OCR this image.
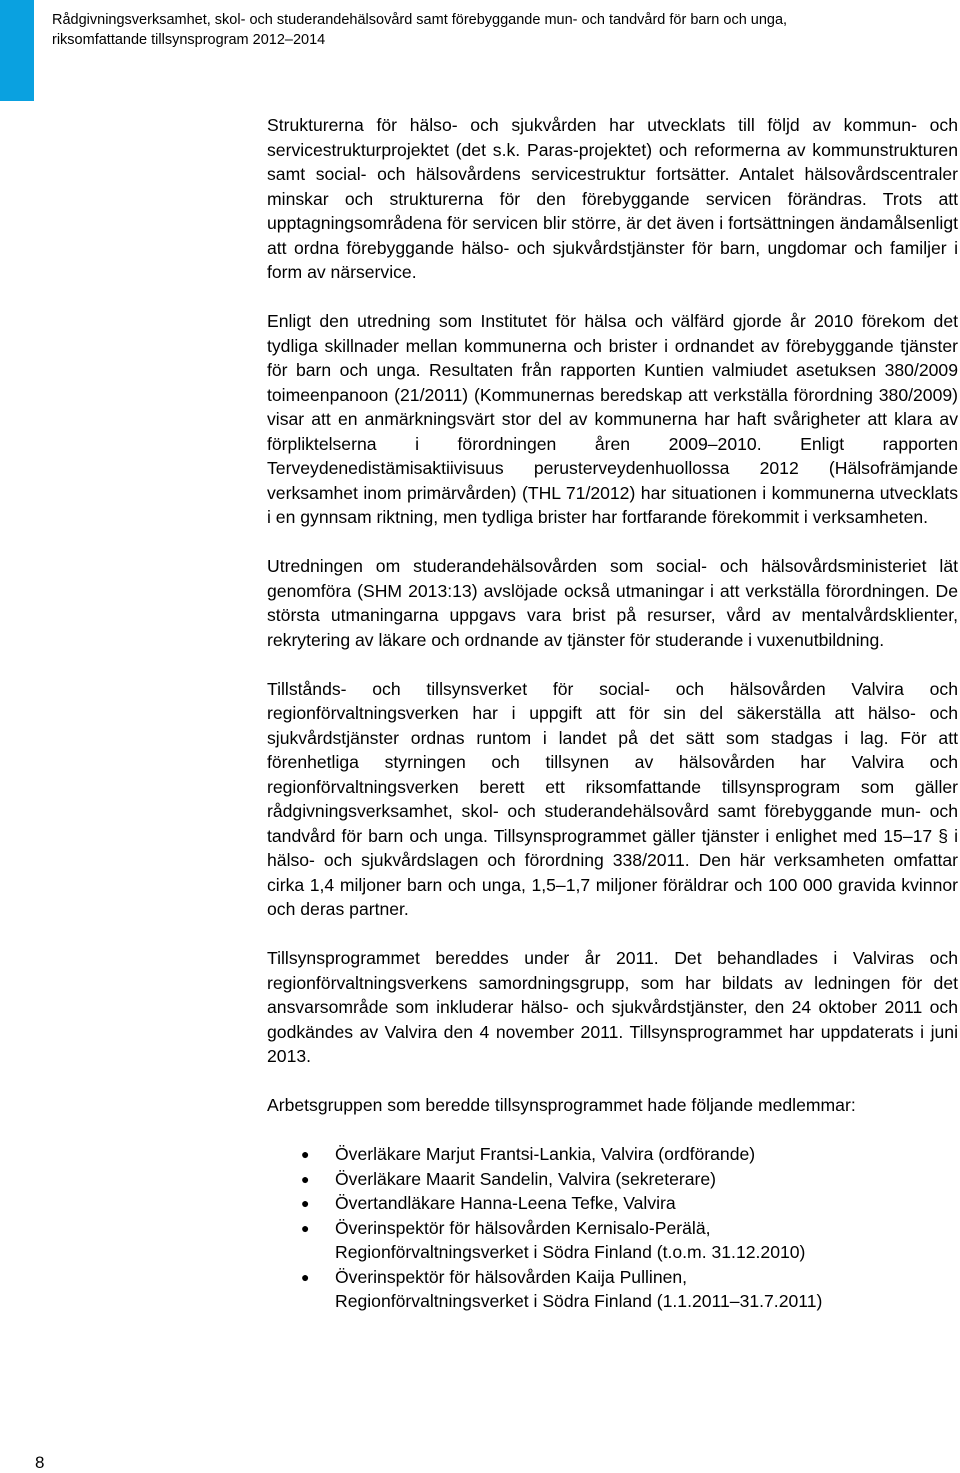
Rådgivningsverksamhet, skol- och studerandehälsovård samt förebyggande mun- och tandvård för barn och unga,
riksomfattande tillsynsprogram 2012–2014

Strukturerna för hälso- och sjukvården har utvecklats till följd av kommun- och servicestrukturprojektet (det s.k. Paras-projektet) och reformerna av kommunstrukturen samt social- och hälsovårdens servicestruktur fortsätter. Antalet hälsovårdscentraler minskar och strukturerna för den förebyggande servicen förändras. Trots att upptagningsområdena för servicen blir större, är det även i fortsättningen ändamålsenligt att ordna förebyggande hälso- och sjukvårdstjänster för barn, ungdomar och familjer i form av närservice.

Enligt den utredning som Institutet för hälsa och välfärd gjorde år 2010 förekom det tydliga skillnader mellan kommunerna och brister i ordnandet av förebyggande tjänster för barn och unga. Resultaten från rapporten Kuntien valmiudet asetuksen 380/2009 toimeenpanoon (21/2011) (Kommunernas beredskap att verkställa förordning 380/2009) visar att en anmärkningsvärt stor del av kommunerna har haft svårigheter att klara av förpliktelserna i förordningen åren 2009–2010. Enligt rapporten Terveydenedistämisaktiivisuus perusterveydenhuollossa 2012 (Hälsofrämjande verksamhet inom primärvården) (THL 71/2012) har situationen i kommunerna utvecklats i en gynnsam riktning, men tydliga brister har fortfarande förekommit i verksamheten.

Utredningen om studerandehälsovården som social- och hälsovårdsministeriet lät genomföra (SHM 2013:13) avslöjade också utmaningar i att verkställa förordningen. De största utmaningarna uppgavs vara brist på resurser, vård av mentalvårdsklienter, rekrytering av läkare och ordnande av tjänster för studerande i vuxenutbildning.

Tillstånds- och tillsynsverket för social- och hälsovården Valvira och regionförvaltningsverken har i uppgift att för sin del säkerställa att hälso- och sjukvårdstjänster ordnas runtom i landet på det sätt som stadgas i lag. För att förenhetliga styrningen och tillsynen av hälsovården har Valvira och regionförvaltningsverken berett ett riksomfattande tillsynsprogram som gäller rådgivningsverksamhet, skol- och studerandehälsovård samt förebyggande mun- och tandvård för barn och unga. Tillsynsprogrammet gäller tjänster i enlighet med 15–17 § i hälso- och sjukvårdslagen och förordning 338/2011. Den här verksamheten omfattar cirka 1,4 miljoner barn och unga, 1,5–1,7 miljoner föräldrar och 100 000 gravida kvinnor och deras partner.

Tillsynsprogrammet bereddes under år 2011. Det behandlades i Valviras och regionförvaltningsverkens samordningsgrupp, som har bildats av ledningen för det ansvarsområde som inkluderar hälso- och sjukvårdstjänster, den 24 oktober 2011 och godkändes av Valvira den 4 november 2011. Tillsynsprogrammet har uppdaterats i juni 2013.

Arbetsgruppen som beredde tillsynsprogrammet hade följande medlemmar:

● Överläkare Marjut Frantsi-Lankia, Valvira (ordförande)
● Överläkare Maarit Sandelin, Valvira (sekreterare)
● Övertandläkare Hanna-Leena Tefke, Valvira
● Överinspektör för hälsovården Kernisalo-Perälä,
Regionförvaltningsverket i Södra Finland (t.o.m. 31.12.2010)
● Överinspektör för hälsovården Kaija Pullinen,
Regionförvaltningsverket i Södra Finland (1.1.2011–31.7.2011)
8
